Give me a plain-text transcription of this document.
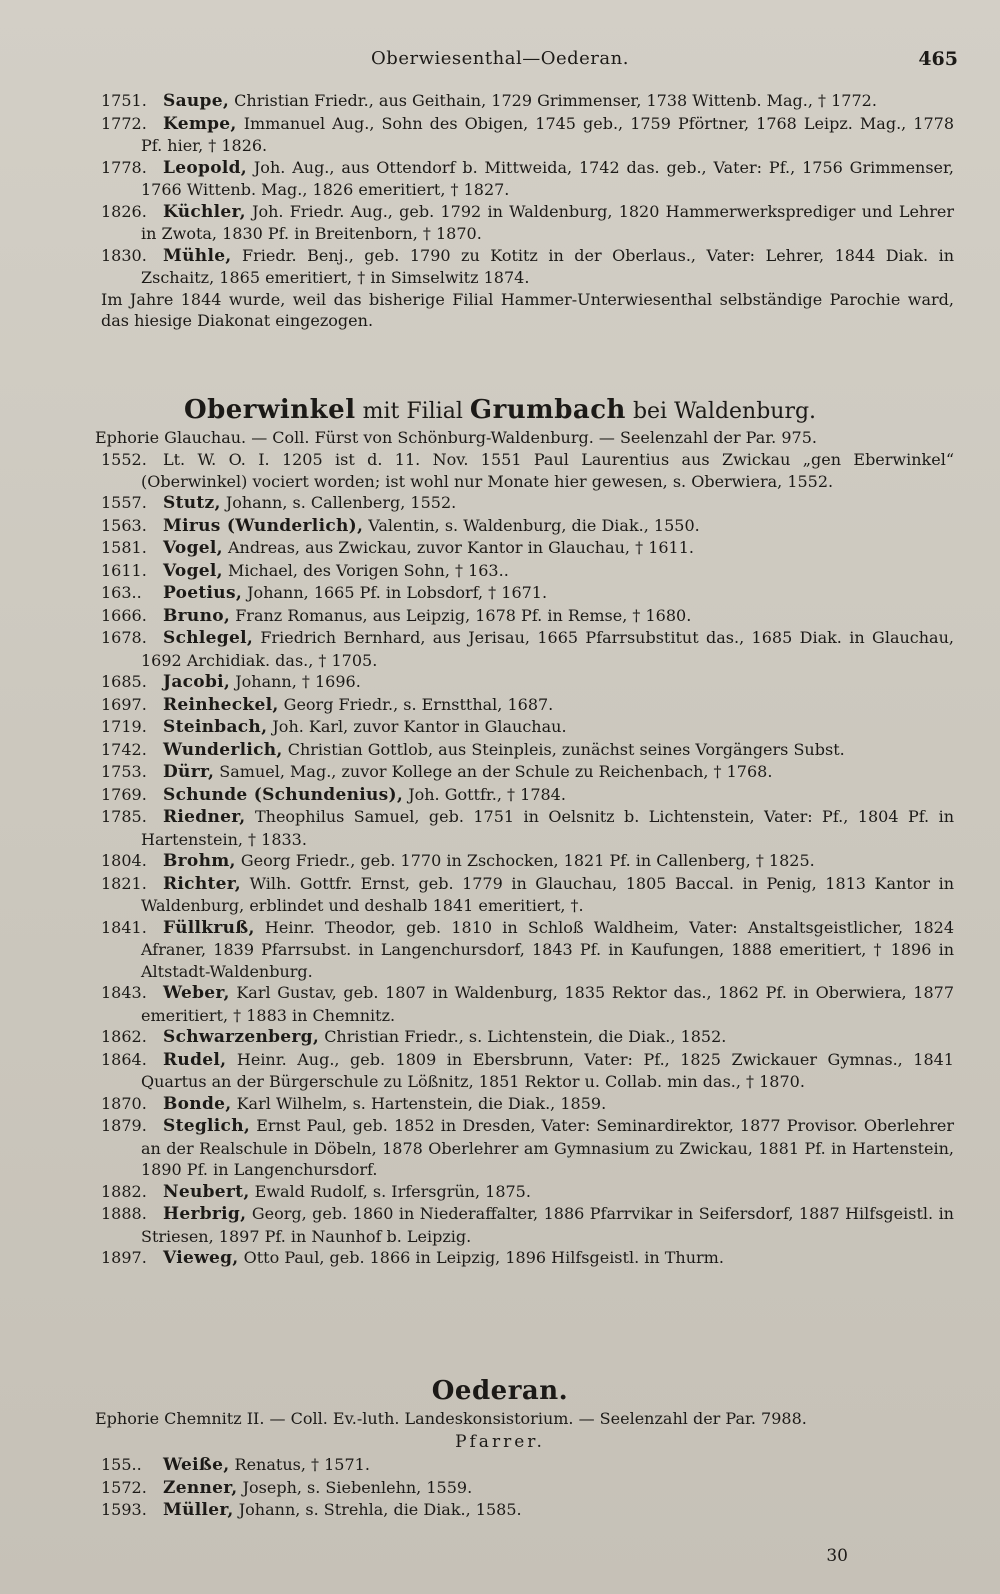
Oberwiesenthal—Oederan.	465
1751. Saupe, Christian Friedr., aus Geithain, 1729 Grimmenser, 1738 Wittenb. Mag., † 1772.
1772. Kempe, Immanuel Aug., Sohn des Obigen, 1745 geb., 1759 Pförtner, 1768 Leipz. Mag., 1778 Pf. hier, † 1826.
1778. Leopold, Joh. Aug., aus Ottendorf b. Mittweida, 1742 das. geb., Vater: Pf., 1756 Grimmenser, 1766 Wittenb. Mag., 1826 emeritiert, † 1827.
1826. Küchler, Joh. Friedr. Aug., geb. 1792 in Waldenburg, 1820 Hammerwerksprediger und Lehrer in Zwota, 1830 Pf. in Breitenborn, † 1870.
1830. Mühle, Friedr. Benj., geb. 1790 zu Kotitz in der Oberlaus., Vater: Lehrer, 1844 Diak. in Zschaitz, 1865 emeritiert, † in Simselwitz 1874.
Im Jahre 1844 wurde, weil das bisherige Filial Hammer-Unterwiesenthal selbständige Parochie ward, das hiesige Diakonat eingezogen.
Oberwinkel mit Filial Grumbach bei Waldenburg.
Ephorie Glauchau. — Coll. Fürst von Schönburg-Waldenburg. — Seelenzahl der Par. 975.
1552. Lt. W. O. I. 1205 ist d. 11. Nov. 1551 Paul Laurentius aus Zwickau „gen Eberwinkel“ (Oberwinkel) vociert worden; ist wohl nur Monate hier gewesen, s. Oberwiera, 1552.
1557. Stutz, Johann, s. Callenberg, 1552.
1563. Mirus (Wunderlich), Valentin, s. Waldenburg, die Diak., 1550.
1581. Vogel, Andreas, aus Zwickau, zuvor Kantor in Glauchau, † 1611.
1611. Vogel, Michael, des Vorigen Sohn, † 163..
163.. Poetius, Johann, 1665 Pf. in Lobsdorf, † 1671.
1666. Bruno, Franz Romanus, aus Leipzig, 1678 Pf. in Remse, † 1680.
1678. Schlegel, Friedrich Bernhard, aus Jerisau, 1665 Pfarrsubstitut das., 1685 Diak. in Glauchau, 1692 Archidiak. das., † 1705.
1685. Jacobi, Johann, † 1696.
1697. Reinheckel, Georg Friedr., s. Ernstthal, 1687.
1719. Steinbach, Joh. Karl, zuvor Kantor in Glauchau.
1742. Wunderlich, Christian Gottlob, aus Steinpleis, zunächst seines Vorgängers Subst.
1753. Dürr, Samuel, Mag., zuvor Kollege an der Schule zu Reichenbach, † 1768.
1769. Schunde (Schundenius), Joh. Gottfr., † 1784.
1785. Riedner, Theophilus Samuel, geb. 1751 in Oelsnitz b. Lichtenstein, Vater: Pf., 1804 Pf. in Hartenstein, † 1833.
1804. Brohm, Georg Friedr., geb. 1770 in Zschocken, 1821 Pf. in Callenberg, † 1825.
1821. Richter, Wilh. Gottfr. Ernst, geb. 1779 in Glauchau, 1805 Baccal. in Penig, 1813 Kantor in Waldenburg, erblindet und deshalb 1841 emeritiert, †.
1841. Füllkruß, Heinr. Theodor, geb. 1810 in Schloß Waldheim, Vater: Anstaltsgeistlicher, 1824 Afraner, 1839 Pfarrsubst. in Langenchursdorf, 1843 Pf. in Kaufungen, 1888 emeritiert, † 1896 in Altstadt-Waldenburg.
1843. Weber, Karl Gustav, geb. 1807 in Waldenburg, 1835 Rektor das., 1862 Pf. in Oberwiera, 1877 emeritiert, † 1883 in Chemnitz.
1862. Schwarzenberg, Christian Friedr., s. Lichtenstein, die Diak., 1852.
1864. Rudel, Heinr. Aug., geb. 1809 in Ebersbrunn, Vater: Pf., 1825 Zwickauer Gymnas., 1841 Quartus an der Bürgerschule zu Lößnitz, 1851 Rektor u. Collab. min das., † 1870.
1870. Bonde, Karl Wilhelm, s. Hartenstein, die Diak., 1859.
1879. Steglich, Ernst Paul, geb. 1852 in Dresden, Vater: Seminardirektor, 1877 Provisor. Oberlehrer an der Realschule in Döbeln, 1878 Oberlehrer am Gymnasium zu Zwickau, 1881 Pf. in Hartenstein, 1890 Pf. in Langenchursdorf.
1882. Neubert, Ewald Rudolf, s. Irfersgrün, 1875.
1888. Herbrig, Georg, geb. 1860 in Niederaffalter, 1886 Pfarrvikar in Seifersdorf, 1887 Hilfsgeistl. in Striesen, 1897 Pf. in Naunhof b. Leipzig.
1897. Vieweg, Otto Paul, geb. 1866 in Leipzig, 1896 Hilfsgeistl. in Thurm.
Oederan.
Ephorie Chemnitz II. — Coll. Ev.-luth. Landeskonsistorium. — Seelenzahl der Par. 7988.
Pfarrer.
155.. Weiße, Renatus, † 1571.
1572. Zenner, Joseph, s. Siebenlehn, 1559.
1593. Müller, Johann, s. Strehla, die Diak., 1585.
30
